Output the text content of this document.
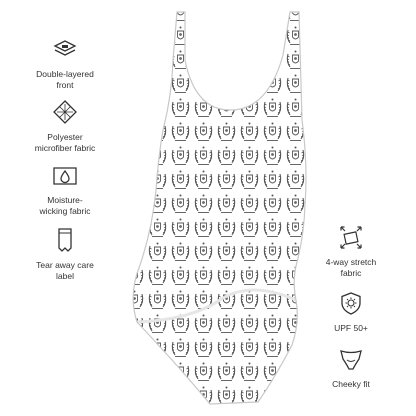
Double-layered
front
Polyester
microfiber fabric
Moisture-
wicking fabric
Tear away care
label
4-way stretch
fabric
UPF 50+
Cheeky fit
